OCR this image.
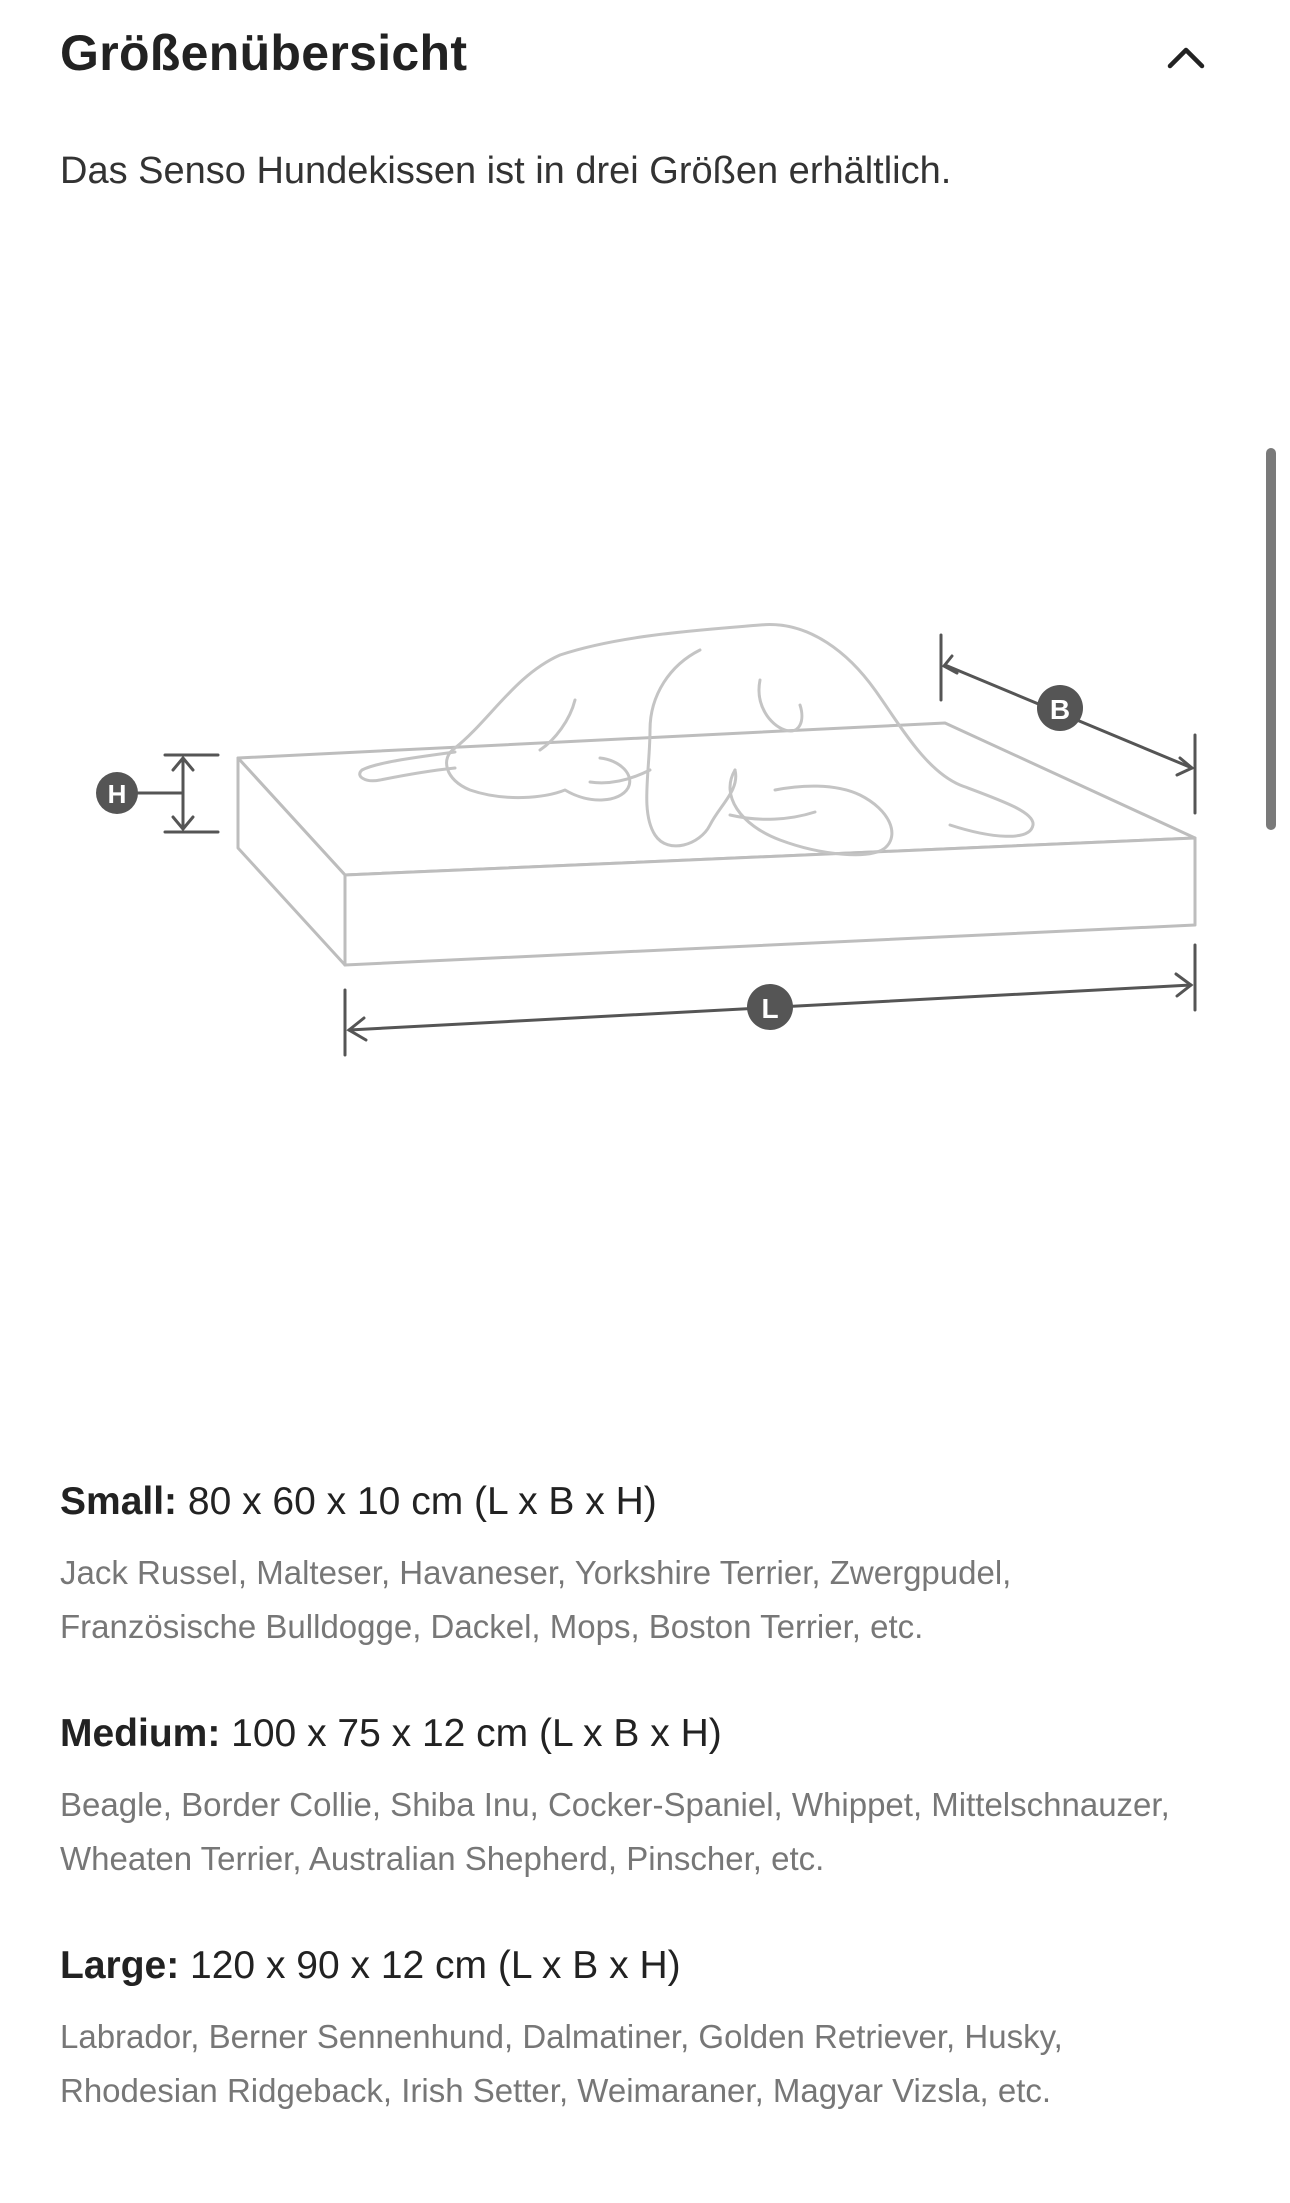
Größenübersicht

Das Senso Hundekissen ist in drei Größen erhältlich.

H
B
L

Small: 80 x 60 x 10 cm (L x B x H)

Jack Russel, Malteser, Havaneser, Yorkshire Terrier, Zwergpudel,
Französische Bulldogge, Dackel, Mops, Boston Terrier, etc.

Medium: 100 x 75 x 12 cm (L x B x H)

Beagle, Border Collie, Shiba Inu, Cocker-Spaniel, Whippet, Mittelschnauzer,
Wheaten Terrier, Australian Shepherd, Pinscher, etc.

Large: 120 x 90 x 12 cm (L x B x H)

Labrador, Berner Sennenhund, Dalmatiner, Golden Retriever, Husky,
Rhodesian Ridgeback, Irish Setter, Weimaraner, Magyar Vizsla, etc.
